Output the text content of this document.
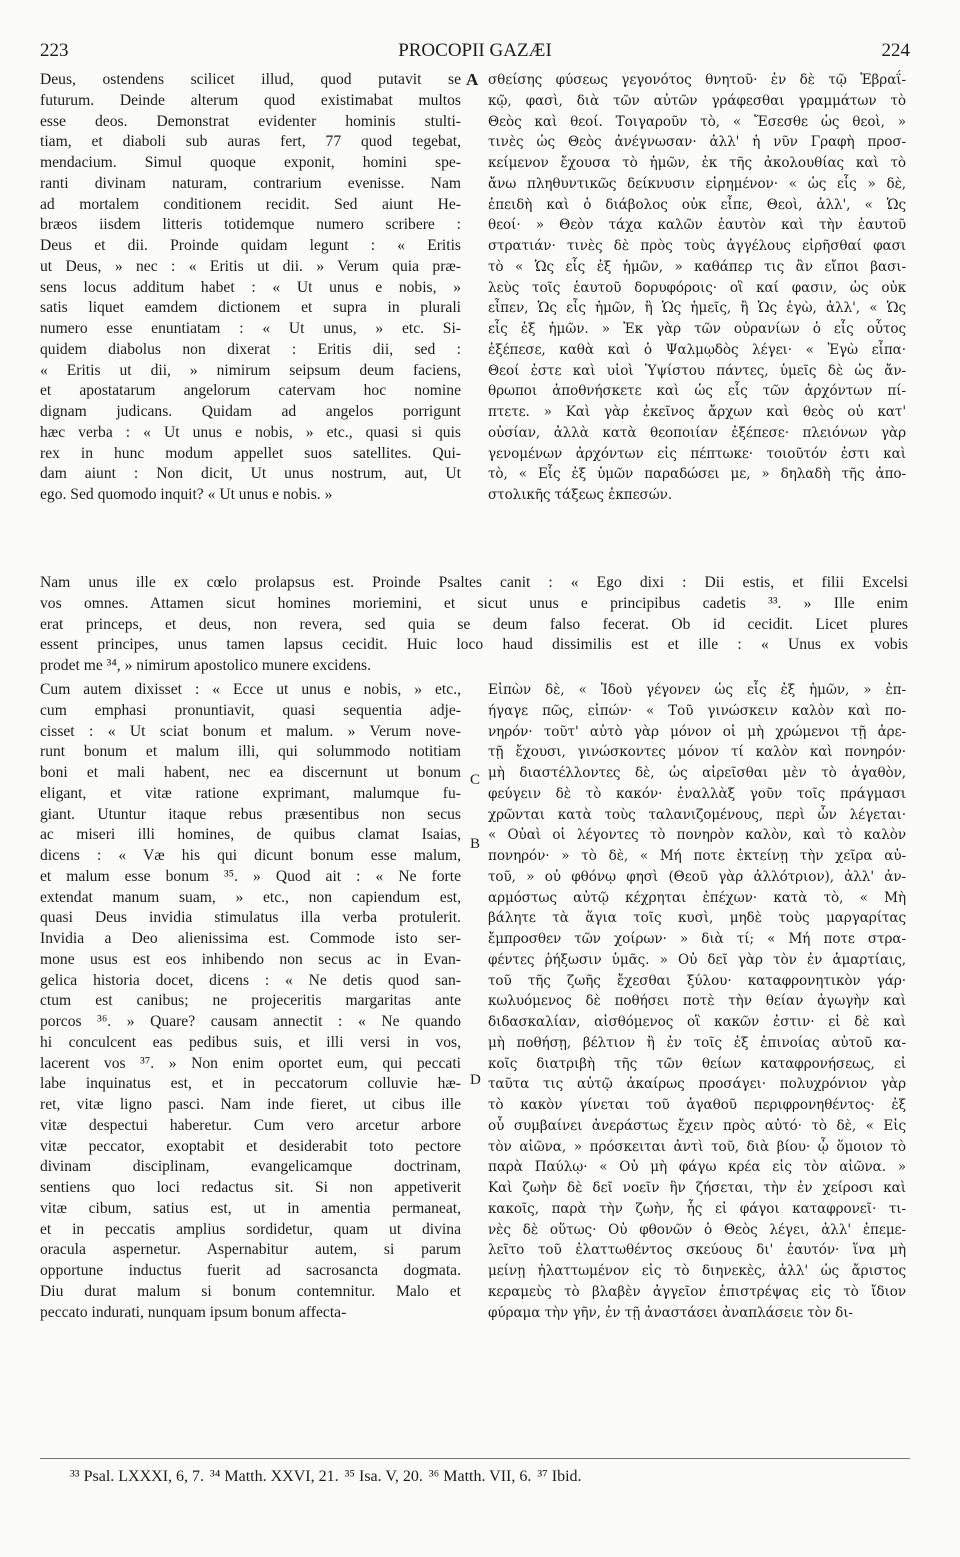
223	PROCOPII GAZÆI	224
Deus, ostendens scilicet illud, quod putavit se
futurum. Deinde alterum quod existimabat multos
esse deos. Demonstrat evidenter hominis stulti-
tiam, et diaboli sub auras fert, 77 quod tegebat,
mendacium. Simul quoque exponit, homini spe-
ranti divinam naturam, contrarium evenisse. Nam
ad mortalem conditionem recidit. Sed aiunt He-
bræos iisdem litteris totidemque numero scribere :
Deus et dii. Proinde quidam legunt : « Eritis
ut Deus, » nec : « Eritis ut dii. » Verum quia præ-
sens locus additum habet : « Ut unus e nobis, »
satis liquet eamdem dictionem et supra in plurali
numero esse enuntiatam : « Ut unus, » etc. Si-
quidem diabolus non dixerat : Eritis dii, sed :
« Eritis ut dii, » nimirum seipsum deum faciens,
et apostatarum angelorum catervam hoc nomine
dignam judicans. Quidam ad angelos porrigunt
hæc verba : « Ut unus e nobis, » etc., quasi si quis
rex in hunc modum appellet suos satellites. Qui-
dam aiunt : Non dicit, Ut unus nostrum, aut, Ut
ego. Sed quomodo inquit? « Ut unus e nobis. »
σθείσης φύσεως γεγονότος θνητοῦ· ἐν δὲ τῷ Ἑβραΐ-
κῷ, φασὶ, διὰ τῶν αὐτῶν γράφεσθαι γραμμάτων τὸ
Θεὸς καὶ θεοί. Τοιγαροῦν τὸ, « Ἔσεσθε ὡς θεοὶ, »
τινὲς ὡς Θεὸς ἀνέγνωσαν· ἀλλ' ἡ νῦν Γραφὴ προσ-
κείμενον ἔχουσα τὸ ἡμῶν, ἐκ τῆς ἀκολουθίας καὶ τὸ
ἄνω πληθυντικῶς δείκνυσιν εἰρημένον· « ὡς εἷς » δὲ,
ἐπειδὴ καὶ ὁ διάβολος οὐκ εἶπε, Θεοὶ, ἀλλ', « Ὡς
θεοί· » Θεὸν τάχα καλῶν ἑαυτὸν καὶ τὴν ἑαυτοῦ
στρατιάν· τινὲς δὲ πρὸς τοὺς ἀγγέλους εἰρῆσθαί φασι
τὸ « Ὡς εἷς ἐξ ἡμῶν, » καθάπερ τις ἂν εἴποι βασι-
λεὺς τοῖς ἑαυτοῦ δορυφόροις· οἳ καί φασιν, ὡς οὐκ
εἶπεν, Ὡς εἷς ἡμῶν, ἢ Ὡς ἡμεῖς, ἢ Ὡς ἐγὼ, ἀλλ', « Ὡς
εἷς ἐξ ἡμῶν. » Ἐκ γὰρ τῶν οὐρανίων ὁ εἷς οὗτος
ἐξέπεσε, καθὰ καὶ ὁ Ψαλμῳδὸς λέγει· « Ἐγὼ εἶπα·
Θεοί ἐστε καὶ υἱοὶ Ὑψίστου πάντες, ὑμεῖς δὲ ὡς ἄν-
θρωποι ἀποθνήσκετε καὶ ὡς εἷς τῶν ἀρχόντων πί-
πτετε. » Καὶ γὰρ ἐκεῖνος ἄρχων καὶ θεὸς οὐ κατ'
οὐσίαν, ἀλλὰ κατὰ θεοποιίαν ἐξέπεσε· πλειόνων γὰρ
γενομένων ἀρχόντων εἰς πέπτωκε· τοιοῦτόν ἐστι καὶ
τὸ, « Εἷς ἐξ ὑμῶν παραδώσει με, » δηλαδὴ τῆς ἀπο-
στολικῆς τάξεως ἐκπεσών.
Nam unus ille ex cœlo prolapsus est. Proinde Psaltes canit : « Ego dixi : Dii estis, et filii Excelsi
vos omnes. Attamen sicut homines moriemini, et sicut unus e principibus cadetis ³³. » Ille enim
erat princeps, et deus, non revera, sed quia se deum falso fecerat. Ob id cecidit. Licet plures
essent principes, unus tamen lapsus cecidit. Huic loco haud dissimilis est et ille : « Unus ex vobis
prodet me ³⁴, » nimirum apostolico munere excidens.
Cum autem dixisset : « Ecce ut unus e nobis, » etc.,
cum emphasi pronuntiavit, quasi sequentia adje-
cisset : « Ut sciat bonum et malum. » Verum nove-
runt bonum et malum illi, qui solummodo notitiam
boni et mali habent, nec ea discernunt ut bonum
eligant, et vitæ ratione exprimant, malumque fu-
giant. Utuntur itaque rebus præsentibus non secus
ac miseri illi homines, de quibus clamat Isaias,
dicens : « Væ his qui dicunt bonum esse malum,
et malum esse bonum ³⁵. » Quod ait : « Ne forte
extendat manum suam, » etc., non capiendum est,
quasi Deus invidia stimulatus illa verba protulerit.
Invidia a Deo alienissima est. Commode isto ser-
mone usus est eos inhibendo non secus ac in Evan-
gelica historia docet, dicens : « Ne detis quod san-
ctum est canibus; ne projeceritis margaritas ante
porcos ³⁶. » Quare? causam annectit : « Ne quando
hi conculcent eas pedibus suis, et illi versi in vos,
lacerent vos ³⁷. » Non enim oportet eum, qui peccati
labe inquinatus est, et in peccatorum colluvie hæ-
ret, vitæ ligno pasci. Nam inde fieret, ut cibus ille
vitæ despectui haberetur. Cum vero arcetur arbore
vitæ peccator, exoptabit et desiderabit toto pectore
divinam disciplinam, evangelicamque doctrinam,
sentiens quo loci redactus sit. Si non appetiverit
vitæ cibum, satius est, ut in amentia permaneat,
et in peccatis amplius sordidetur, quam ut divina
oracula aspernetur. Aspernabitur autem, si parum
opportune inductus fuerit ad sacrosancta dogmata.
Diu durat malum si bonum contemnitur. Malo et
peccato indurati, nunquam ipsum bonum affecta-
Εἰπὼν δὲ, « Ἰδοὺ γέγονεν ὡς εἷς ἐξ ἡμῶν, » ἐπ-
ήγαγε πῶς, εἰπών· « Τοῦ γινώσκειν καλὸν καὶ πο-
νηρόν· τοῦτ' αὐτὸ γὰρ μόνον οἱ μὴ χρώμενοι τῇ ἀρε-
τῇ ἔχουσι, γινώσκοντες μόνον τί καλὸν καὶ πονηρόν·
μὴ διαστέλλοντες δὲ, ὡς αἱρεῖσθαι μὲν τὸ ἀγαθὸν,
φεύγειν δὲ τὸ κακόν· ἐναλλὰξ γοῦν τοῖς πράγμασι
χρῶνται κατὰ τοὺς ταλανιζομένους, περὶ ὧν λέγεται·
« Οὐαὶ οἱ λέγοντες τὸ πονηρὸν καλὸν, καὶ τὸ καλὸν
πονηρόν· » τὸ δὲ, « Μή ποτε ἐκτείνῃ τὴν χεῖρα αὐ-
τοῦ, » οὐ φθόνῳ φησὶ (Θεοῦ γὰρ ἀλλότριον), ἀλλ' ἀν-
αρμόστως αὐτῷ κέχρηται ἐπέχων· κατὰ τὸ, « Μὴ
βάλητε τὰ ἅγια τοῖς κυσὶ, μηδὲ τοὺς μαργαρίτας
ἔμπροσθεν τῶν χοίρων· » διὰ τί; « Μή ποτε στρα-
φέντες ῥήξωσιν ὑμᾶς. » Οὐ δεῖ γὰρ τὸν ἐν ἁμαρτίαις,
τοῦ τῆς ζωῆς ἔχεσθαι ξύλου· καταφρονητικὸν γάρ·
κωλυόμενος δὲ ποθήσει ποτὲ τὴν θείαν ἀγωγὴν καὶ
διδασκαλίαν, αἰσθόμενος οἳ κακῶν ἐστιν· εἰ δὲ καὶ
μὴ ποθήσῃ, βέλτιον ἢ ἐν τοῖς ἐξ ἐπινοίας αὐτοῦ κα-
κοῖς διατριβὴ τῆς τῶν θείων καταφρονήσεως, εἰ
ταῦτα τις αὐτῷ ἀκαίρως προσάγει· πολυχρόνιον γὰρ
τὸ κακὸν γίνεται τοῦ ἀγαθοῦ περιφρονηθέντος· ἐξ
οὗ συμβαίνει ἀνεράστως ἔχειν πρὸς αὐτό· τὸ δὲ, « Εἰς
τὸν αἰῶνα, » πρόσκειται ἀντὶ τοῦ, διὰ βίου· ᾧ ὅμοιον τὸ
παρὰ Παύλῳ· « Οὐ μὴ φάγω κρέα εἰς τὸν αἰῶνα. »
Καὶ ζωὴν δὲ δεῖ νοεῖν ἣν ζήσεται, τὴν ἐν χείροσι καὶ
κακοῖς, παρὰ τὴν ζωὴν, ἧς εἰ φάγοι καταφρονεῖ· τι-
νὲς δὲ οὕτως· Οὐ φθονῶν ὁ Θεὸς λέγει, ἀλλ' ἐπεμε-
λεῖτο τοῦ ἐλαττωθέντος σκεύους δι' ἑαυτόν· ἵνα μὴ
μείνῃ ἠλαττωμένον εἰς τὸ διηνεκὲς, ἀλλ' ὡς ἄριστος
κεραμεὺς τὸ βλαβὲν ἀγγεῖον ἐπιστρέψας εἰς τὸ ἴδιον
φύραμα τὴν γῆν, ἐν τῇ ἀναστάσει ἀναπλάσειε τὸν δι-
A
B
C
D
³³ Psal. LXXXI, 6, 7. ³⁴ Matth. XXVI, 21. ³⁵ Isa. V, 20. ³⁶ Matth. VII, 6. ³⁷ Ibid.
